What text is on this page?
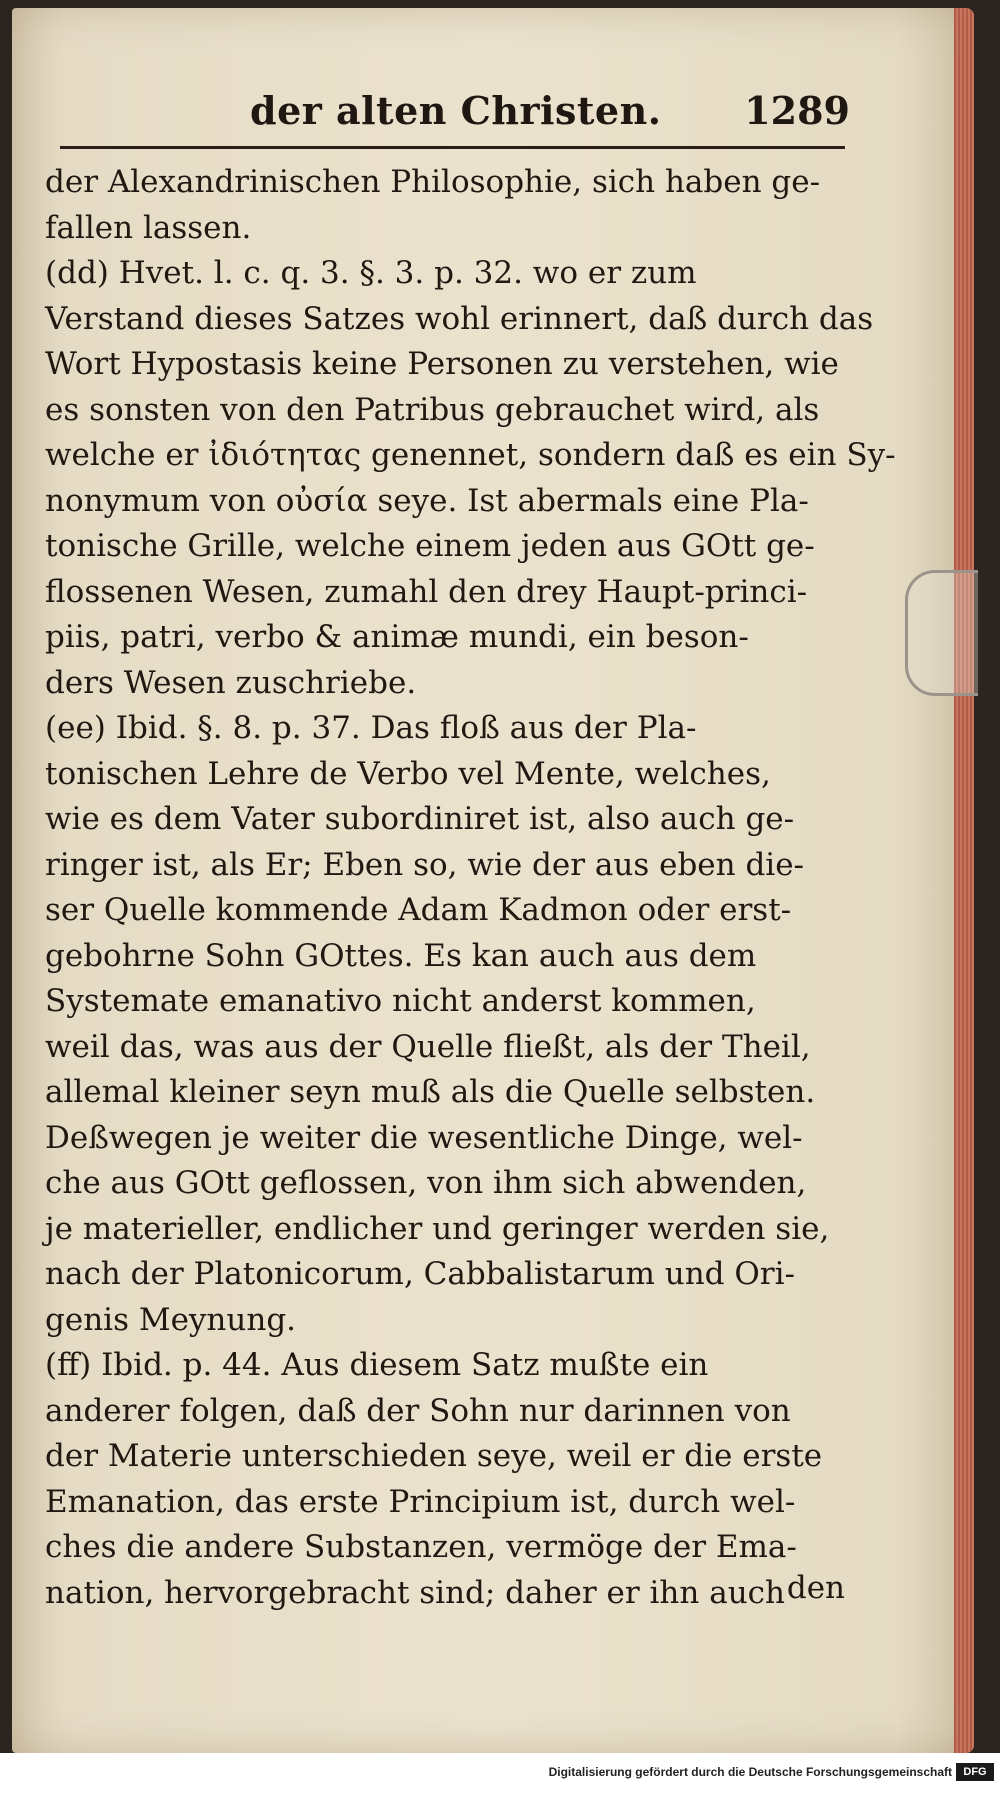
der alten Christen. 1289
der Alexandrinischen Philosophie, sich haben ge-
fallen lassen.
(dd) Hvet. l. c. q. 3. §. 3. p. 32. wo er zum
Verstand dieses Satzes wohl erinnert, daß durch das
Wort Hypostasis keine Personen zu verstehen, wie
es sonsten von den Patribus gebrauchet wird, als
welche er ἰδιότητας genennet, sondern daß es ein Sy-
nonymum von οὐσία seye. Ist abermals eine Pla-
tonische Grille, welche einem jeden aus GOtt ge-
flossenen Wesen, zumahl den drey Haupt-princi-
piis, patri, verbo & animæ mundi, ein beson-
ders Wesen zuschriebe.
(ee) Ibid. §. 8. p. 37. Das floß aus der Pla-
tonischen Lehre de Verbo vel Mente, welches,
wie es dem Vater subordiniret ist, also auch ge-
ringer ist, als Er; Eben so, wie der aus eben die-
ser Quelle kommende Adam Kadmon oder erst-
gebohrne Sohn GOttes. Es kan auch aus dem
Systemate emanativo nicht anderst kommen,
weil das, was aus der Quelle fließt, als der Theil,
allemal kleiner seyn muß als die Quelle selbsten.
Deßwegen je weiter die wesentliche Dinge, wel-
che aus GOtt geflossen, von ihm sich abwenden,
je materieller, endlicher und geringer werden sie,
nach der Platonicorum, Cabbalistarum und Ori-
genis Meynung.
(ff) Ibid. p. 44. Aus diesem Satz mußte ein
anderer folgen, daß der Sohn nur darinnen von
der Materie unterschieden seye, weil er die erste
Emanation, das erste Principium ist, durch wel-
ches die andere Substanzen, vermöge der Ema-
nation, hervorgebracht sind; daher er ihn auch den
Digitalisierung gefördert durch die Deutsche Forschungsgemeinschaft	DFG
